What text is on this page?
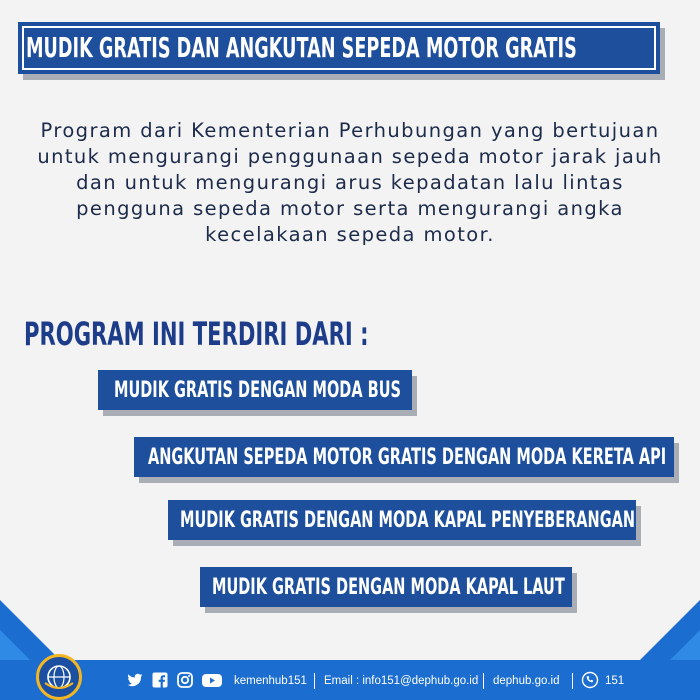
MUDIK GRATIS DAN ANGKUTAN SEPEDA MOTOR GRATIS
Program dari Kementerian Perhubungan yang bertujuan
untuk mengurangi penggunaan sepeda motor jarak jauh
dan untuk mengurangi arus kepadatan lalu lintas
pengguna sepeda motor serta mengurangi angka
kecelakaan sepeda motor.
PROGRAM INI TERDIRI DARI :
MUDIK GRATIS DENGAN MODA BUS
ANGKUTAN SEPEDA MOTOR GRATIS DENGAN MODA KERETA API
MUDIK GRATIS DENGAN MODA KAPAL PENYEBERANGAN
MUDIK GRATIS DENGAN MODA KAPAL LAUT
kemenhub151 Email : info151@dephub.go.id dephub.go.id	151
